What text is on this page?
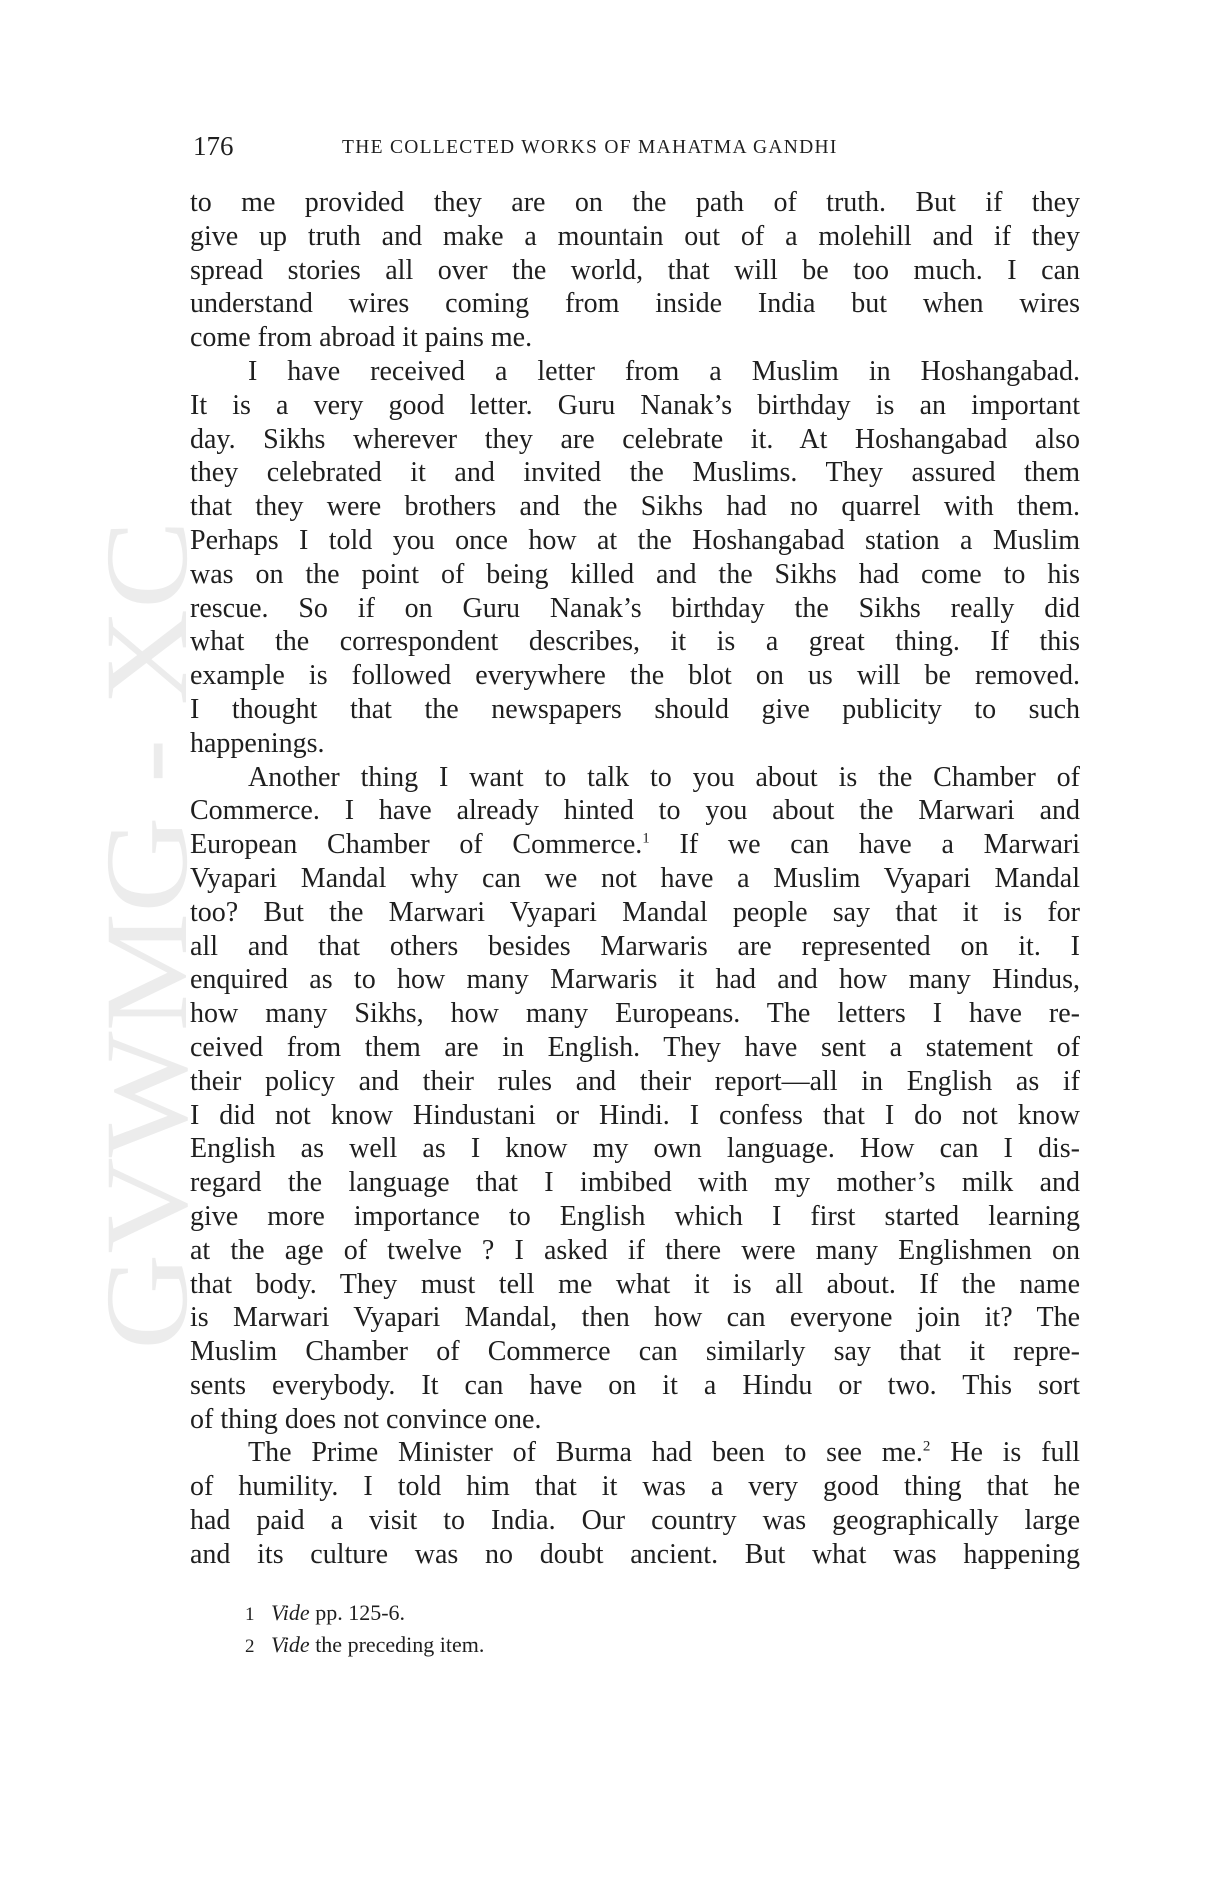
GVWMG - XC
176	THE COLLECTED WORKS OF MAHATMA GANDHI

to me provided they are on the path of truth. But if they

give up truth and make a mountain out of a molehill and if they

spread stories all over the world, that will be too much. I can

understand wires coming from inside India but when wires

come from abroad it pains me.

I have received a letter from a Muslim in Hoshangabad.

It is a very good letter. Guru Nanak’s birthday is an important

day. Sikhs wherever they are celebrate it. At Hoshangabad also

they celebrated it and invited the Muslims. They assured them

that they were brothers and the Sikhs had no quarrel with them.

Perhaps I told you once how at the Hoshangabad station a Muslim

was on the point of being killed and the Sikhs had come to his

rescue. So if on Guru Nanak’s birthday the Sikhs really did

what the correspondent describes, it is a great thing. If this

example is followed everywhere the blot on us will be removed.

I thought that the newspapers should give publicity to such

happenings.

Another thing I want to talk to you about is the Chamber of

Commerce. I have already hinted to you about the Marwari and

European Chamber of Commerce.$^1$ If we can have a Marwari

Vyapari Mandal why can we not have a Muslim Vyapari Mandal

too? But the Marwari Vyapari Mandal people say that it is for

all and that others besides Marwaris are represented on it. I

enquired as to how many Marwaris it had and how many Hindus,

how many Sikhs, how many Europeans. The letters I have re-

ceived from them are in English. They have sent a statement of

their policy and their rules and their report—all in English as if

I did not know Hindustani or Hindi. I confess that I do not know

English as well as I know my own language. How can I dis-

regard the language that I imbibed with my mother’s milk and

give more importance to English which I first started learning

at the age of twelve ? I asked if there were many Englishmen on

that body. They must tell me what it is all about. If the name

is Marwari Vyapari Mandal, then how can everyone join it? The

Muslim Chamber of Commerce can similarly say that it repre-

sents everybody. It can have on it a Hindu or two. This sort

of thing does not convince one.

The Prime Minister of Burma had been to see me.$^2$ He is full

of humility. I told him that it was a very good thing that he

had paid a visit to India. Our country was geographically large

and its culture was no doubt ancient. But what was happening

1 Vide pp. 125-6.
2 Vide the preceding item.
